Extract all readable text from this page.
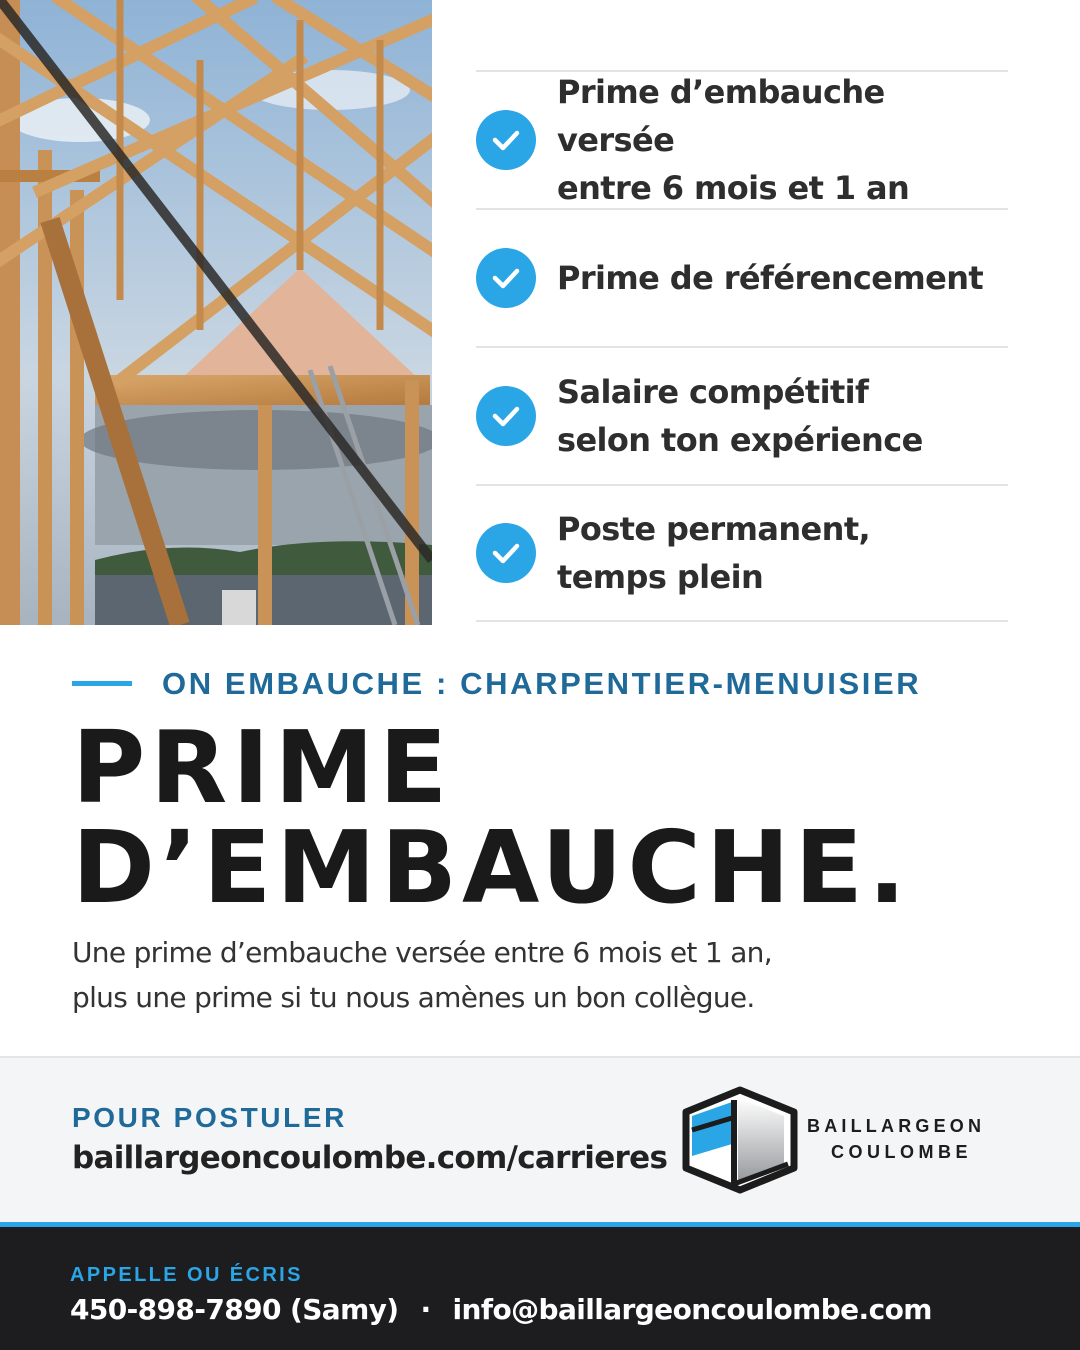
Prime d’embauche versée
entre 6 mois et 1 an
Prime de référencement
Salaire compétitif
selon ton expérience
Poste permanent,
temps plein
ON EMBAUCHE : CHARPENTIER-MENUISIER
PRIME
D’EMBAUCHE.
Une prime d’embauche versée entre 6 mois et 1 an,
plus une prime si tu nous amènes un bon collègue.
POUR POSTULER
baillargeoncoulombe.com/carrieres
BAILLARGEON
COULOMBE
APPELLE OU ÉCRIS
450-898-7890 (Samy) · info@baillargeoncoulombe.com
